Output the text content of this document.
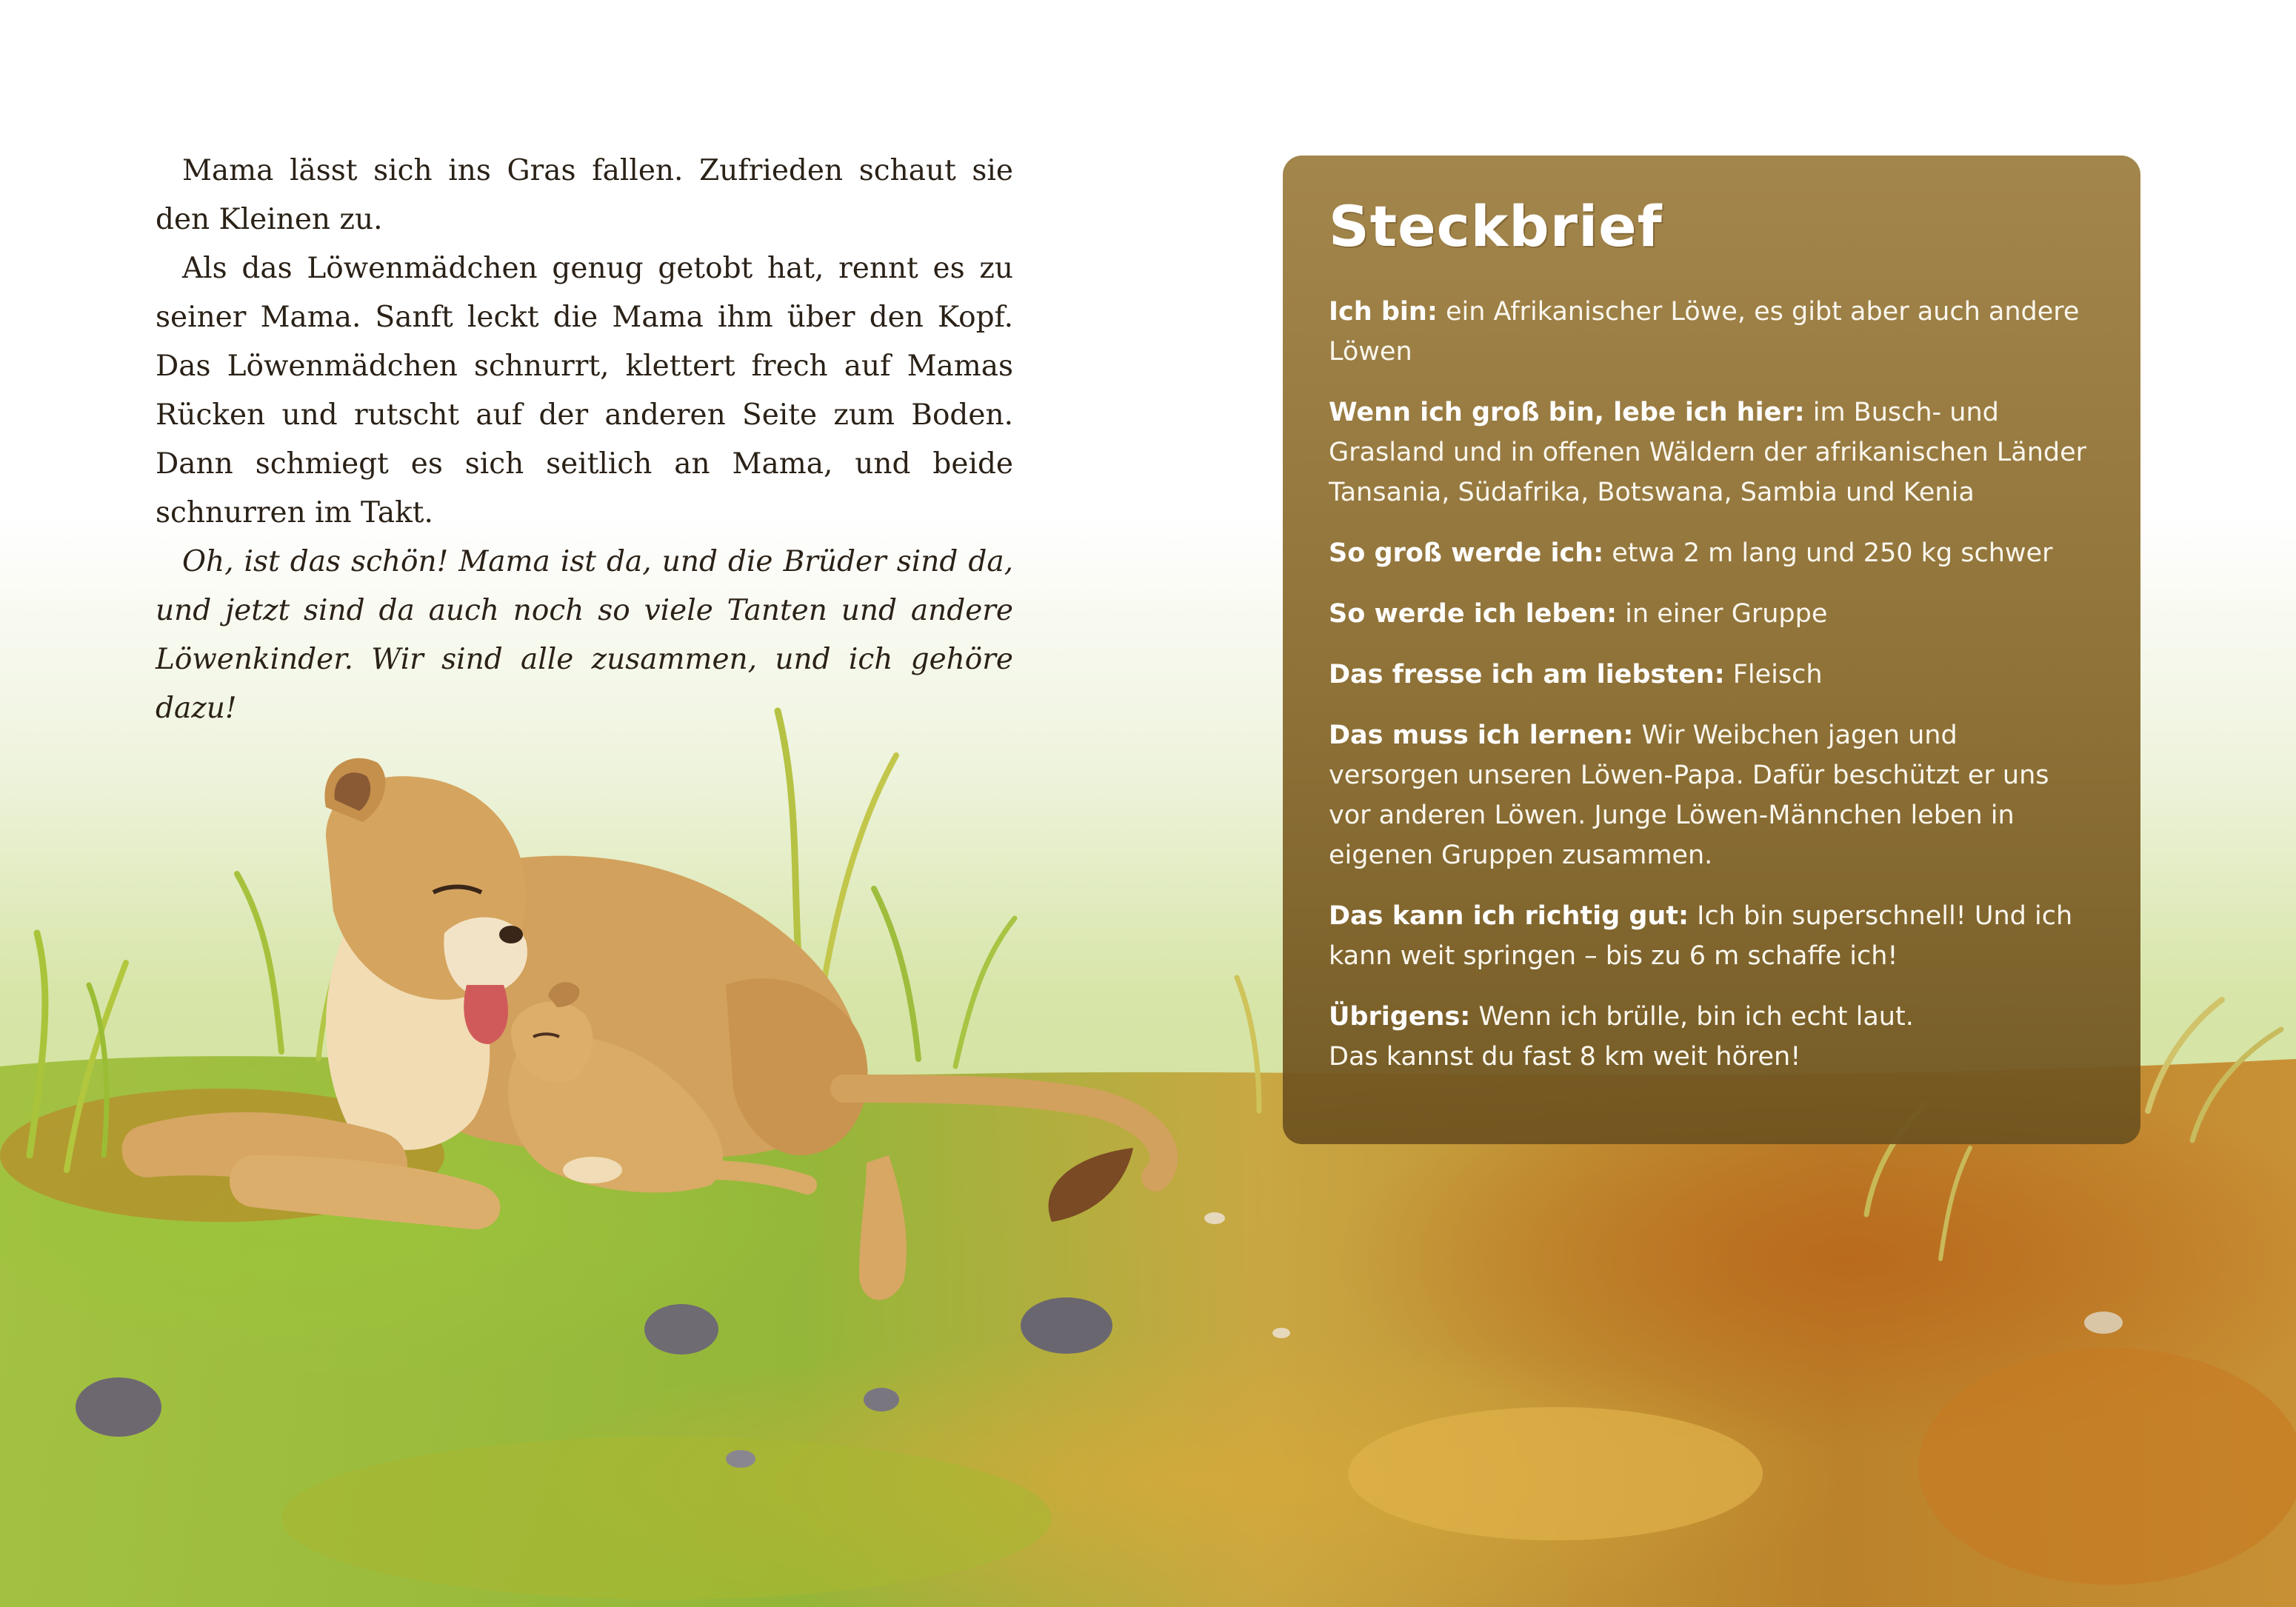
Mama lässt sich ins Gras fallen. Zufrieden schaut sie den Kleinen zu.

Als das Löwenmädchen genug getobt hat, rennt es zu seiner Mama. Sanft leckt die Mama ihm über den Kopf. Das Löwenmädchen schnurrt, klettert frech auf Mamas Rücken und rutscht auf der anderen Seite zum Boden. Dann schmiegt es sich seitlich an Mama, und beide schnurren im Takt.

Oh, ist das schön! Mama ist da, und die Brüder sind da, und jetzt sind da auch noch so viele Tanten und andere Löwenkinder. Wir sind alle zusammen, und ich gehöre dazu!

Steckbrief

Ich bin: ein Afrikanischer Löwe, es gibt aber auch andere Löwen

Wenn ich groß bin, lebe ich hier: im Busch- und Grasland und in offenen Wäldern der afrikanischen Länder Tansania, Südafrika, Botswana, Sambia und Kenia

So groß werde ich: etwa 2 m lang und 250 kg schwer

So werde ich leben: in einer Gruppe

Das fresse ich am liebsten: Fleisch

Das muss ich lernen: Wir Weibchen jagen und versorgen unseren Löwen-Papa. Dafür beschützt er uns vor anderen Löwen. Junge Löwen-Männchen leben in eigenen Gruppen zusammen.

Das kann ich richtig gut: Ich bin superschnell! Und ich kann weit springen – bis zu 6 m schaffe ich!

Übrigens: Wenn ich brülle, bin ich echt laut.
Das kannst du fast 8 km weit hören!
